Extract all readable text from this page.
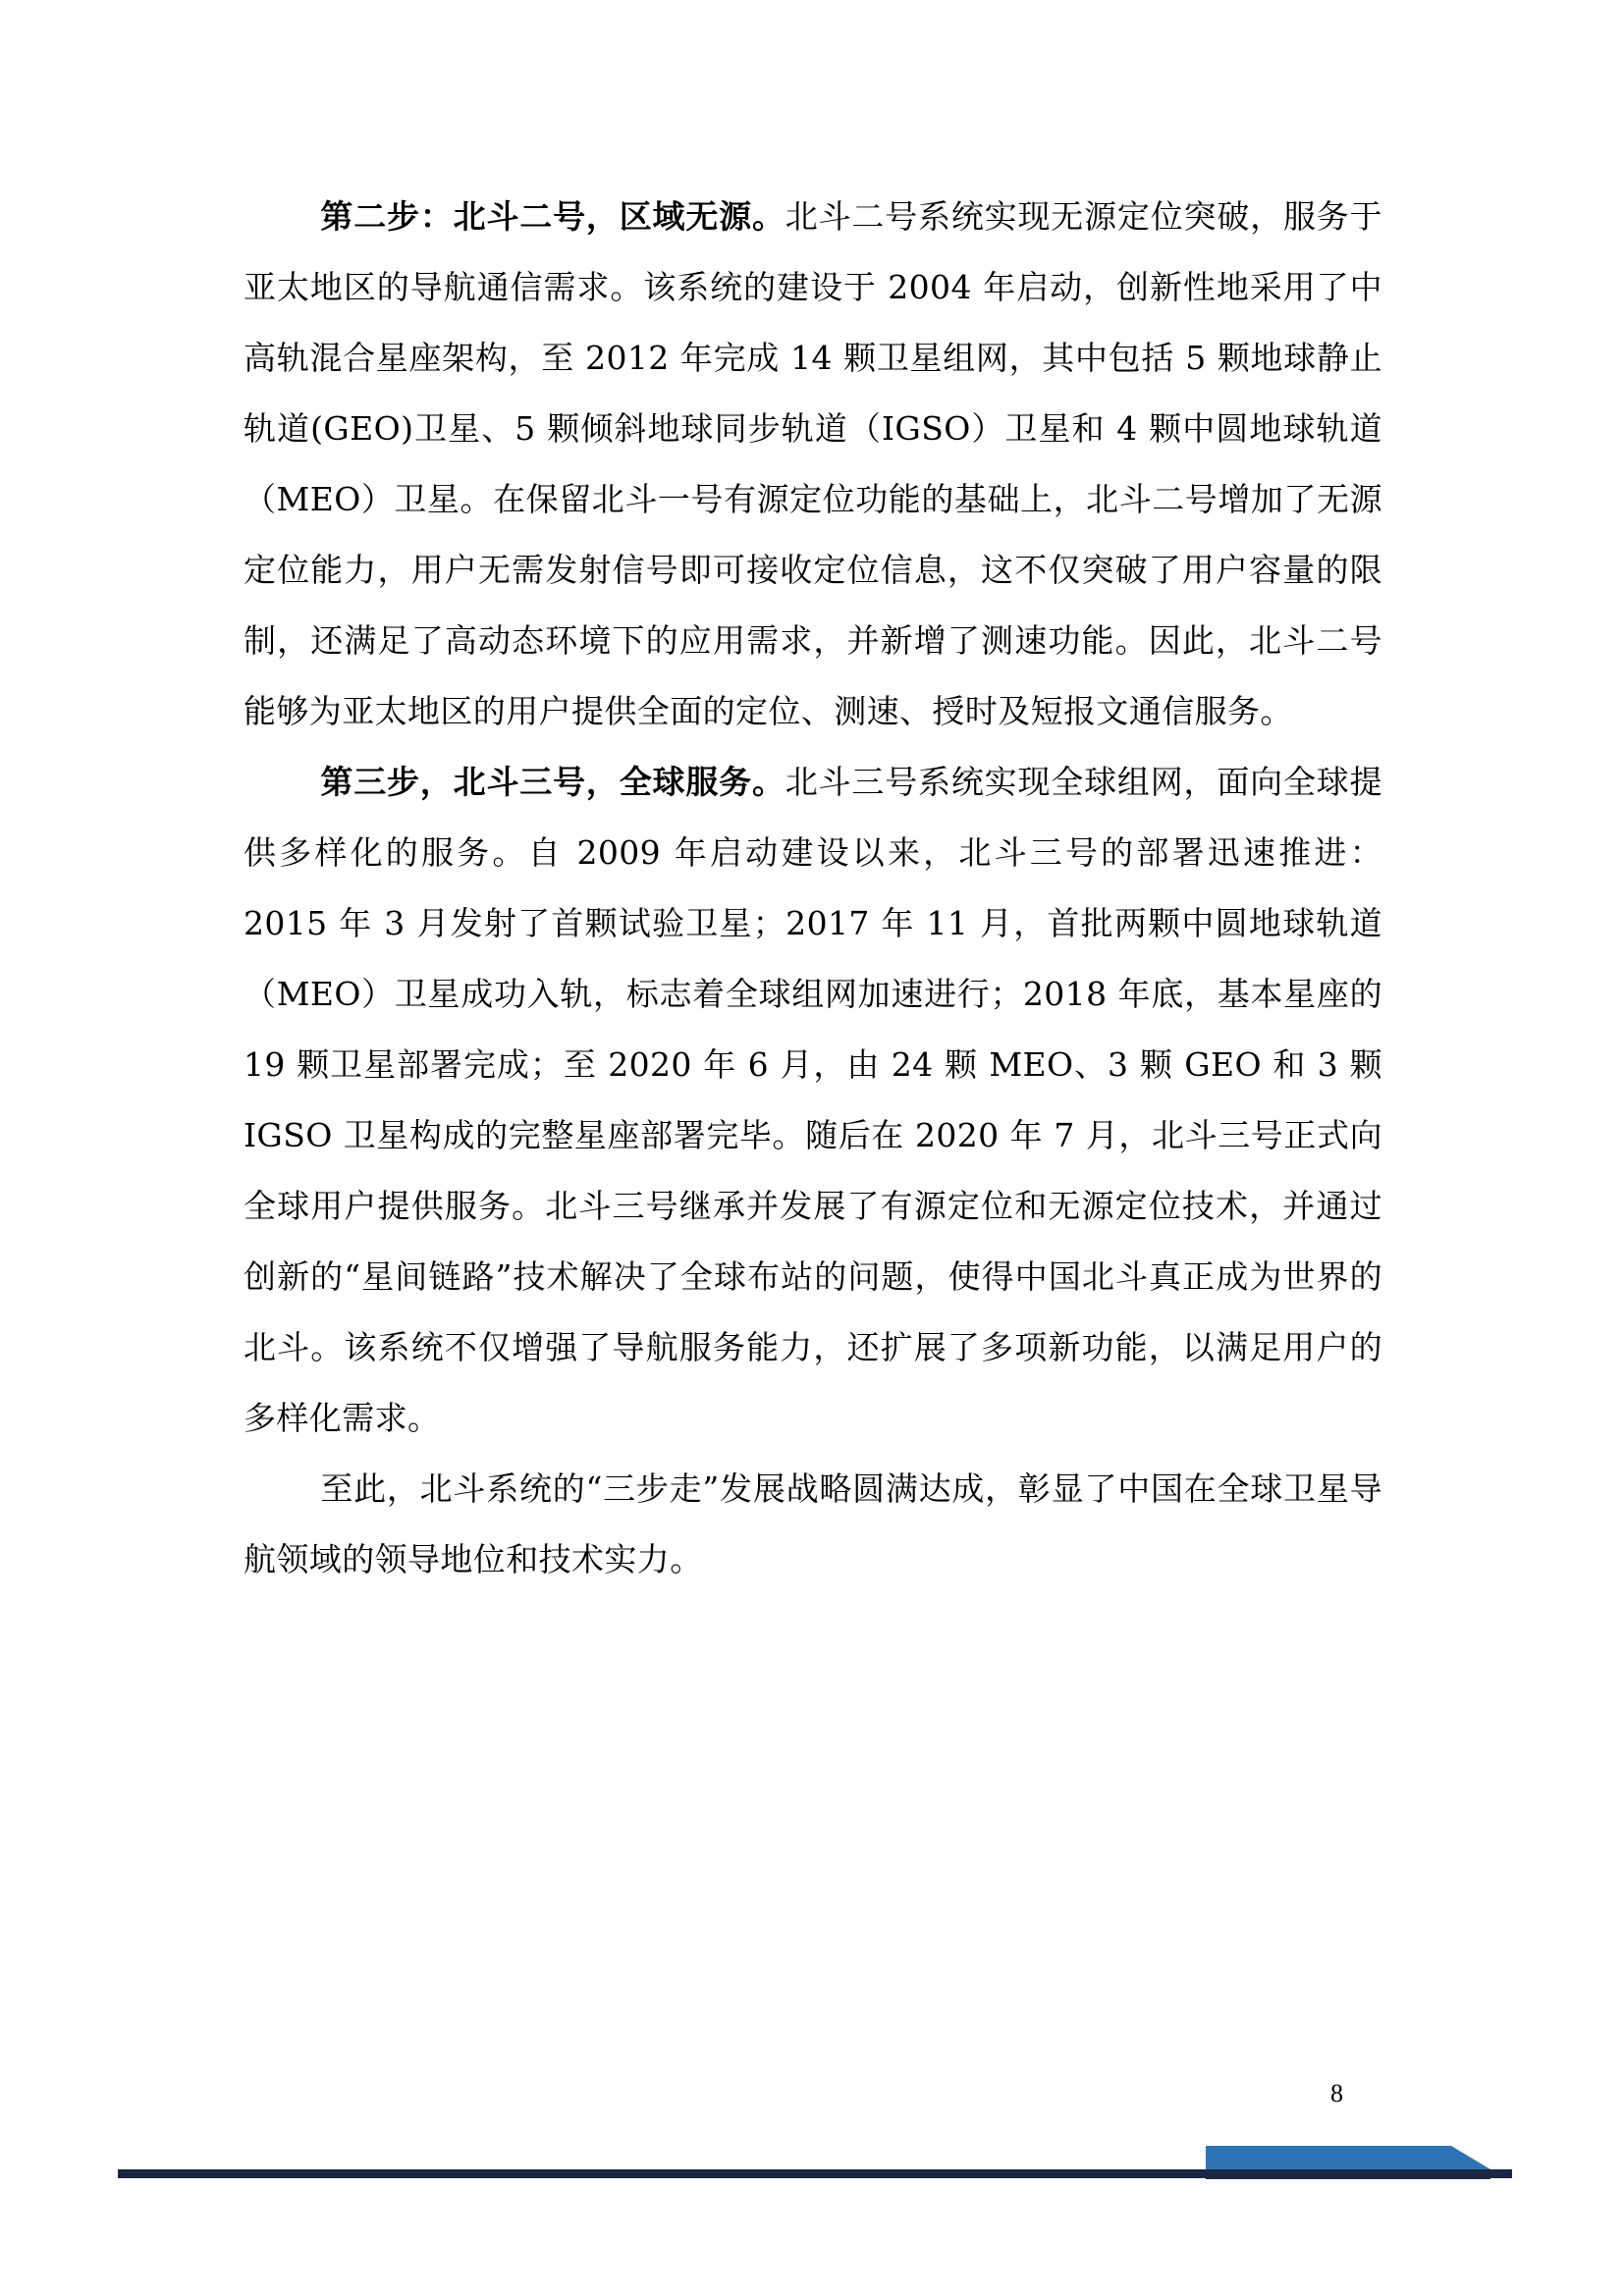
第二步：北斗二号，区域无源。北斗二号系统实现无源定位突破，服务于亚太地区的导航通信需求。该系统的建设于 2004 年启动，创新性地采用了中高轨混合星座架构，至 2012 年完成 14 颗卫星组网，其中包括 5 颗地球静止轨道(GEO)卫星、5 颗倾斜地球同步轨道（IGSO）卫星和 4 颗中圆地球轨道（MEO）卫星。在保留北斗一号有源定位功能的基础上，北斗二号增加了无源定位能力，用户无需发射信号即可接收定位信息，这不仅突破了用户容量的限制，还满足了高动态环境下的应用需求，并新增了测速功能。因此，北斗二号能够为亚太地区的用户提供全面的定位、测速、授时及短报文通信服务。

第三步，北斗三号，全球服务。北斗三号系统实现全球组网，面向全球提供多样化的服务。自 2009 年启动建设以来，北斗三号的部署迅速推进：2015 年 3 月发射了首颗试验卫星；2017 年 11 月，首批两颗中圆地球轨道（MEO）卫星成功入轨，标志着全球组网加速进行；2018 年底，基本星座的 19 颗卫星部署完成；至 2020 年 6 月，由 24 颗 MEO、3 颗 GEO 和 3 颗 IGSO 卫星构成的完整星座部署完毕。随后在 2020 年 7 月，北斗三号正式向全球用户提供服务。北斗三号继承并发展了有源定位和无源定位技术，并通过创新的“星间链路”技术解决了全球布站的问题，使得中国北斗真正成为世界的北斗。该系统不仅增强了导航服务能力，还扩展了多项新功能，以满足用户的多样化需求。

至此，北斗系统的“三步走”发展战略圆满达成，彰显了中国在全球卫星导航领域的领导地位和技术实力。

8
